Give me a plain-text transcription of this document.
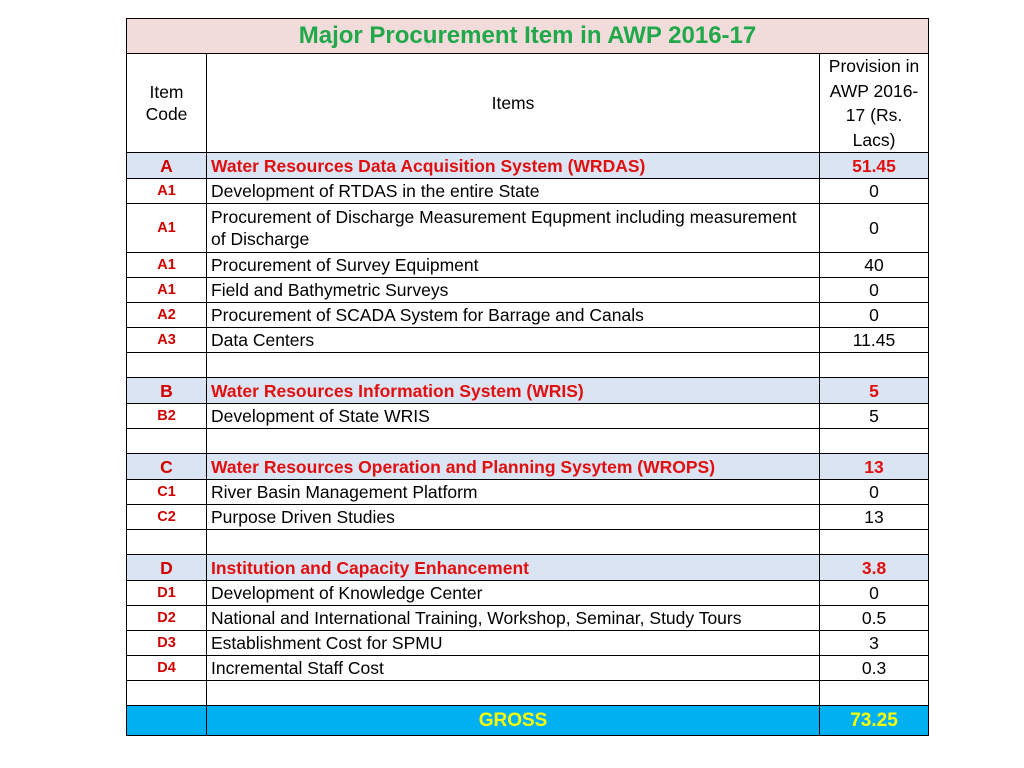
Major Procurement Item in AWP 2016-17		
Item Code	Items	Provision in AWP 2016-17 (Rs. Lacs)
A	Water Resources Data Acquisition System (WRDAS)	51.45
A1	Development of RTDAS in the entire State	0
A1	Procurement of Discharge Measurement Equpment including measurement of Discharge	0
A1	Procurement of Survey Equipment	40
A1	Field and Bathymetric Surveys	0
A2	Procurement of SCADA System for Barrage and Canals	0
A3	Data Centers	11.45

B	Water Resources Information System (WRIS)	5
B2	Development of State WRIS	5

C	Water Resources Operation and Planning Sysytem (WROPS)	13
C1	River Basin Management Platform	0
C2	Purpose Driven Studies	13

D	Institution and Capacity Enhancement	3.8
D1	Development of Knowledge Center	0
D2	National and International Training, Workshop, Seminar, Study Tours	0.5
D3	Establishment Cost for SPMU	3
D4	Incremental Staff Cost	0.3

	GROSS	73.25
